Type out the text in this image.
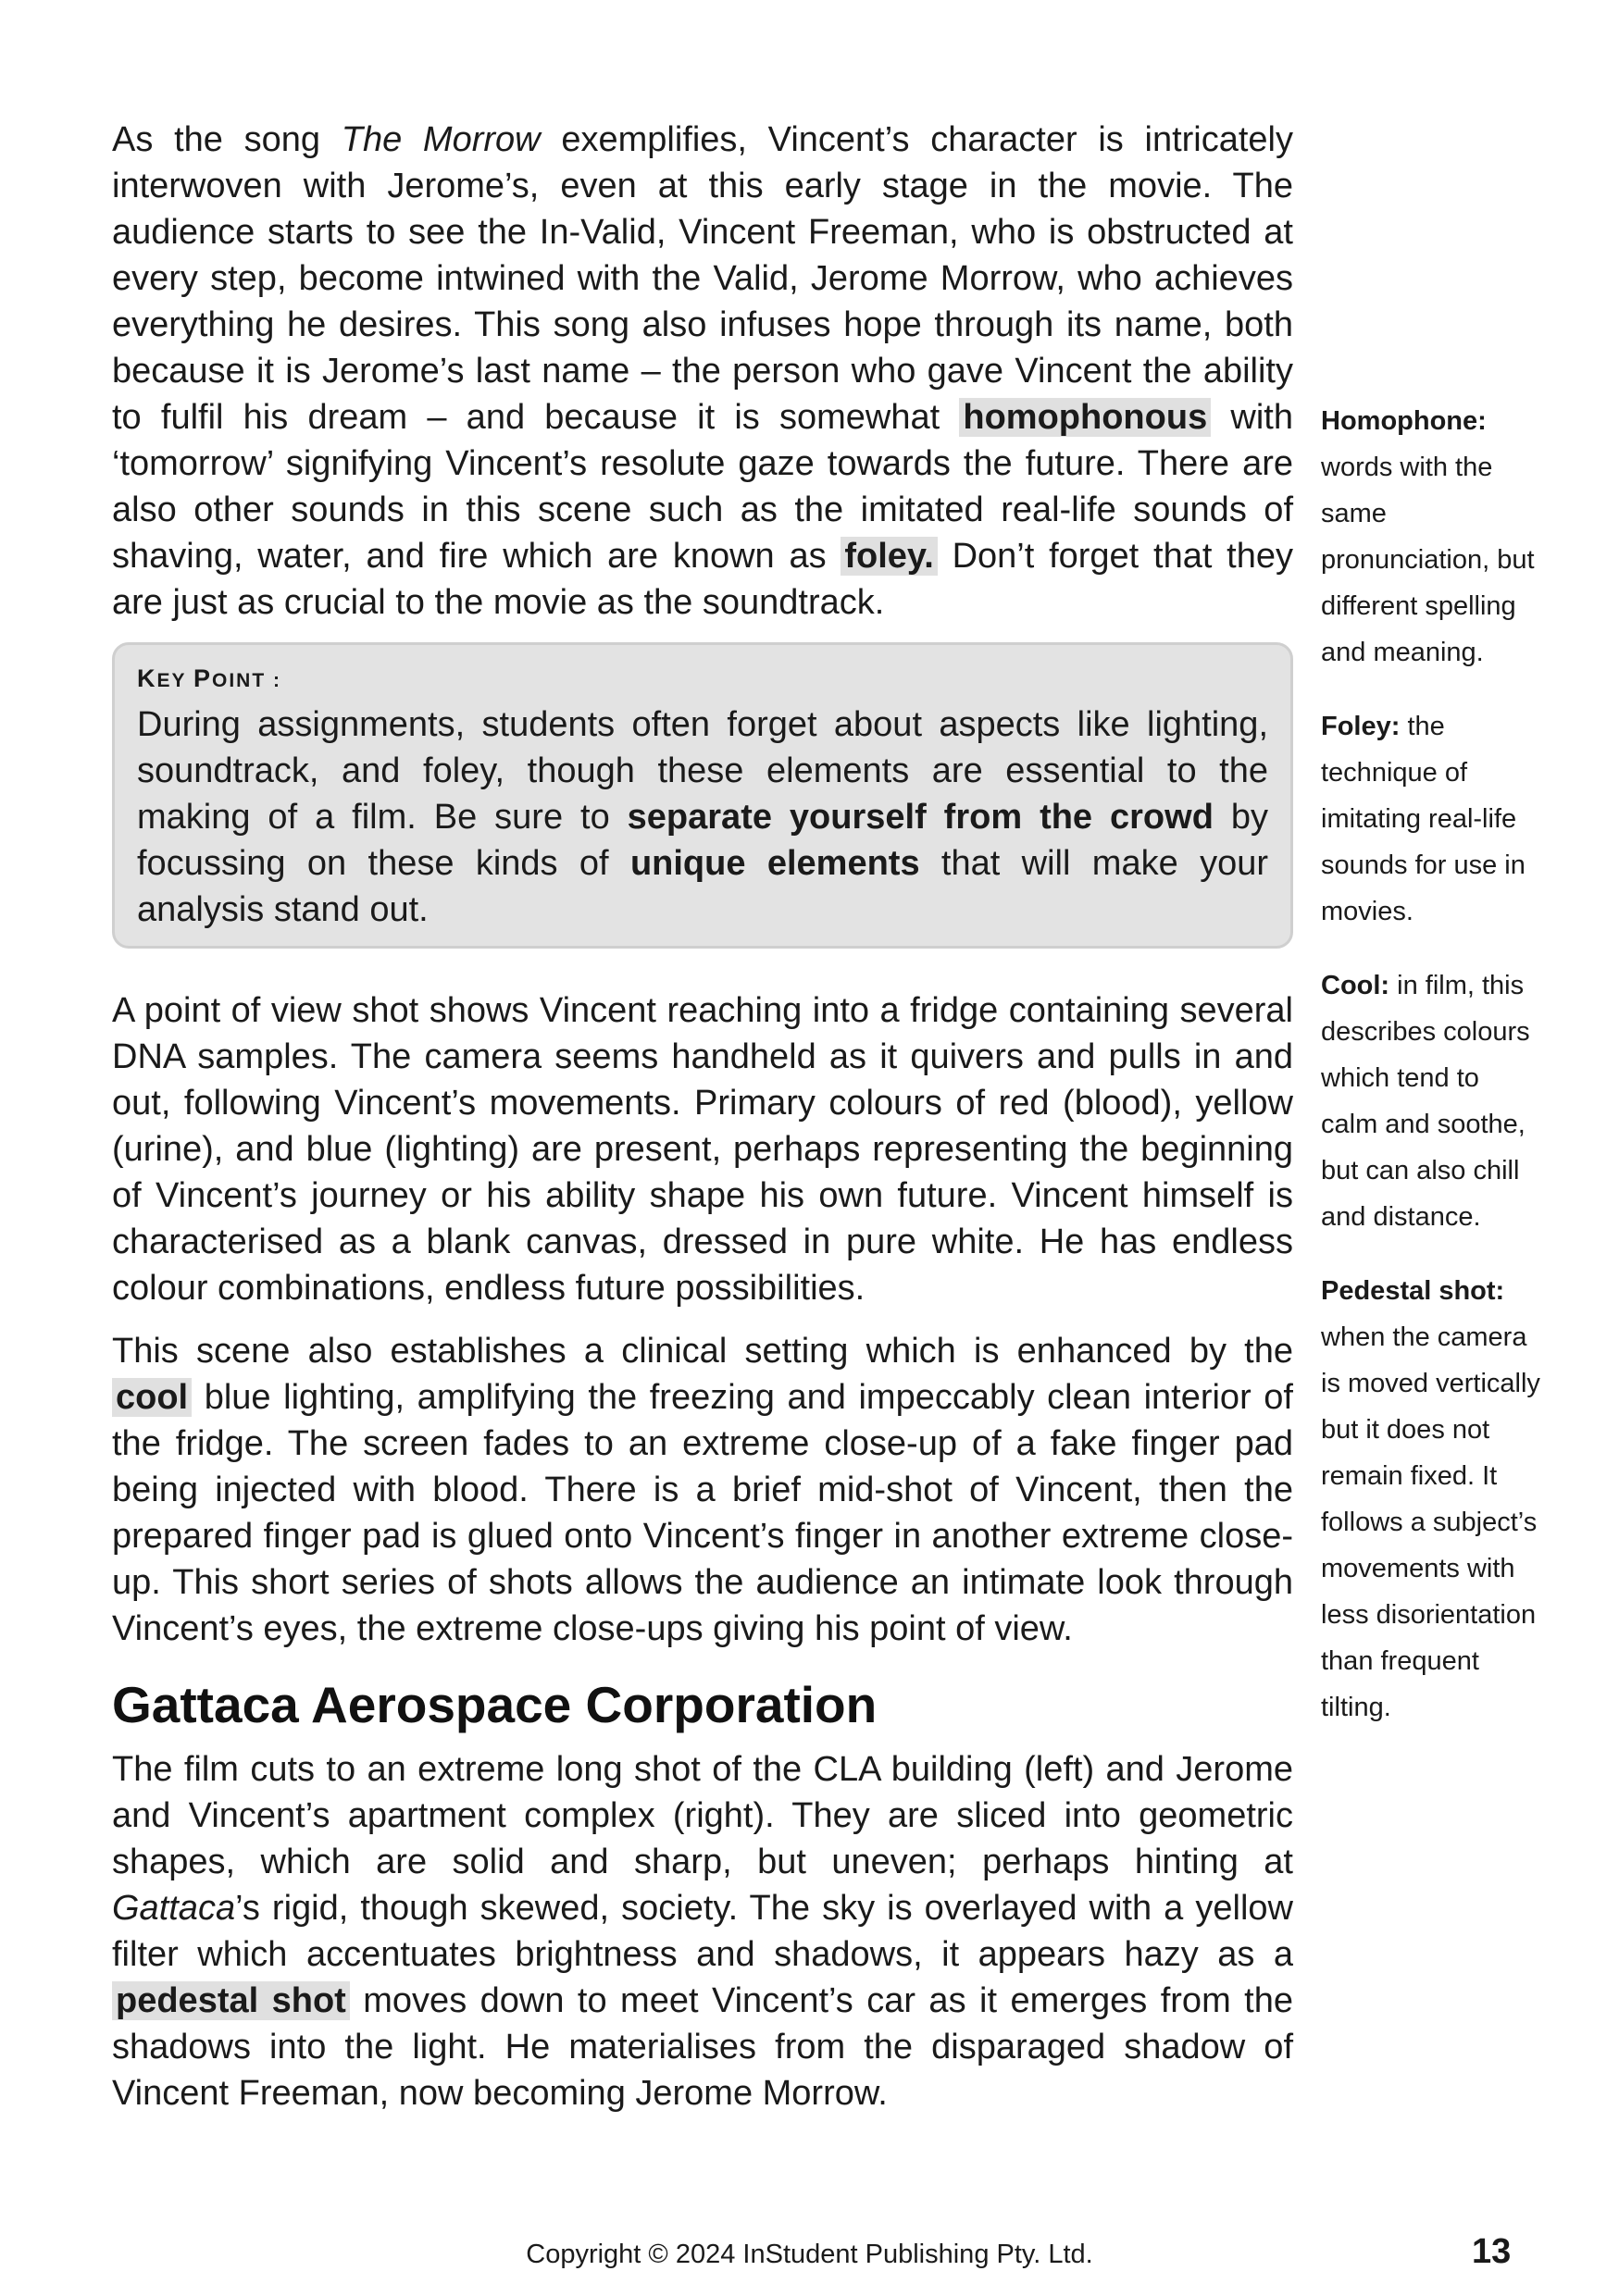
As the song The Morrow exemplifies, Vincent’s character is intricately interwoven with Jerome’s, even at this early stage in the movie. The audience starts to see the In-Valid, Vincent Freeman, who is obstructed at every step, become intwined with the Valid, Jerome Morrow, who achieves everything he desires. This song also infuses hope through its name, both because it is Jerome’s last name – the person who gave Vincent the ability to fulfil his dream – and because it is somewhat homophonous with ‘tomorrow’ signifying Vincent’s resolute gaze towards the future. There are also other sounds in this scene such as the imitated real-life sounds of shaving, water, and fire which are known as foley. Don’t forget that they are just as crucial to the movie as the soundtrack.

KEY POINT :

During assignments, students often forget about aspects like lighting, soundtrack, and foley, though these elements are essential to the making of a film. Be sure to separate yourself from the crowd by focussing on these kinds of unique elements that will make your analysis stand out.

A point of view shot shows Vincent reaching into a fridge containing several DNA samples. The camera seems handheld as it quivers and pulls in and out, following Vincent’s movements. Primary colours of red (blood), yellow (urine), and blue (lighting) are present, perhaps representing the beginning of Vincent’s journey or his ability shape his own future. Vincent himself is characterised as a blank canvas, dressed in pure white. He has endless colour combinations, endless future possibilities.

This scene also establishes a clinical setting which is enhanced by the cool blue lighting, amplifying the freezing and impeccably clean interior of the fridge. The screen fades to an extreme close-up of a fake finger pad being injected with blood. There is a brief mid-shot of Vincent, then the prepared finger pad is glued onto Vincent’s finger in another extreme close-up. This short series of shots allows the audience an intimate look through Vincent’s eyes, the extreme close-ups giving his point of view.

Gattaca Aerospace Corporation

The film cuts to an extreme long shot of the CLA building (left) and Jerome and Vincent’s apartment complex (right). They are sliced into geometric shapes, which are solid and sharp, but uneven; perhaps hinting at Gattaca’s rigid, though skewed, society. The sky is overlayed with a yellow filter which accentuates brightness and shadows, it appears hazy as a pedestal shot moves down to meet Vincent’s car as it emerges from the shadows into the light. He materialises from the disparaged shadow of Vincent Freeman, now becoming Jerome Morrow.

Homophone: words with the same pronunciation, but different spelling and meaning.

Foley: the technique of imitating real-life sounds for use in movies.

Cool: in film, this describes colours which tend to calm and soothe, but can also chill and distance.

Pedestal shot: when the camera is moved vertically but it does not remain fixed. It follows a subject’s movements with less disorientation than frequent tilting.

Copyright © 2024 InStudent Publishing Pty. Ltd.	13
